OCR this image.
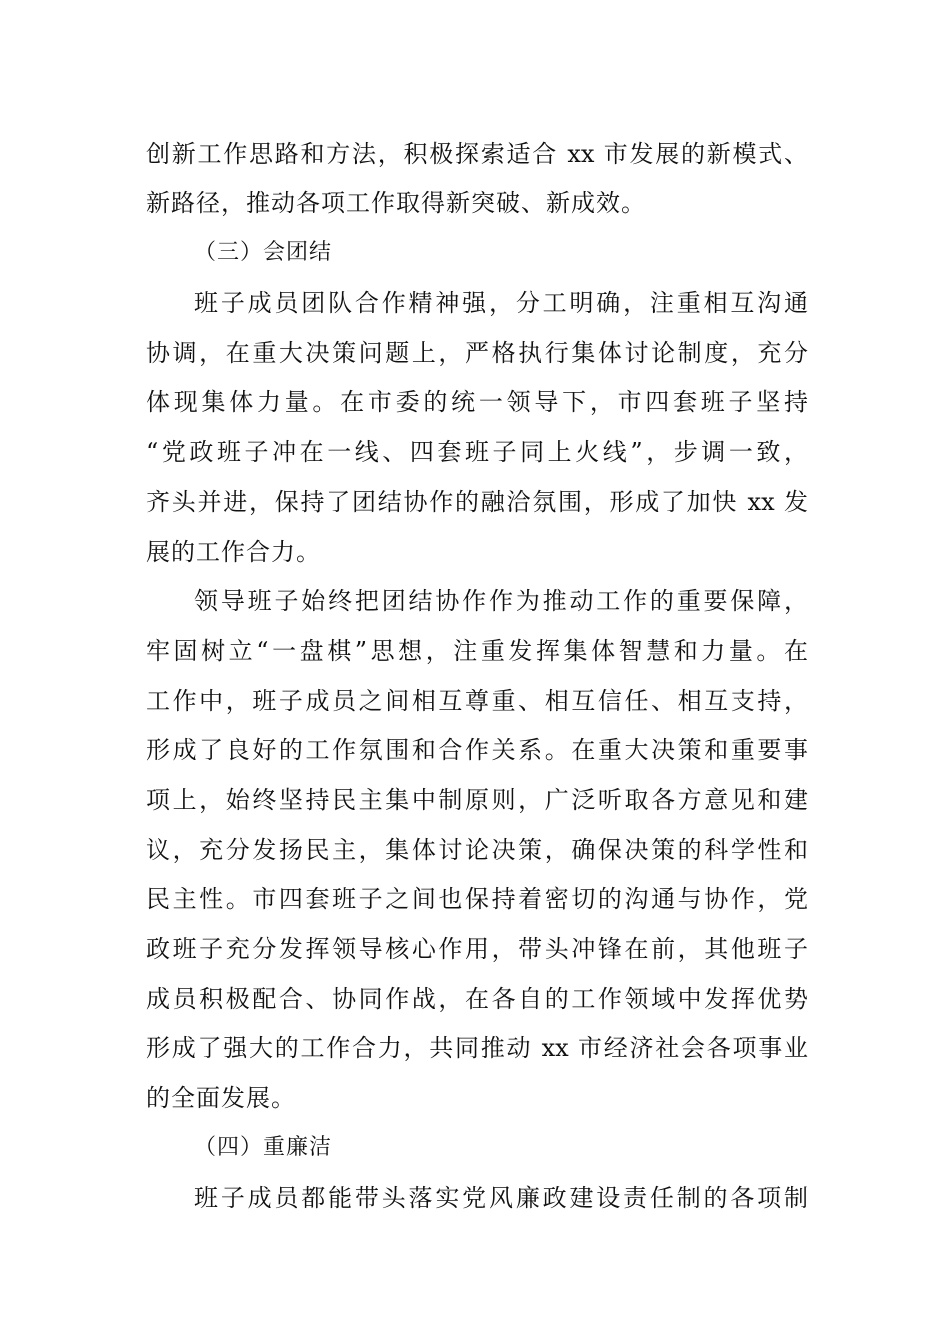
创新工作思路和方法，积极探索适合 xx 市发展的新模式、
新路径，推动各项工作取得新突破、新成效。
（三）会团结
班子成员团队合作精神强，分工明确，注重相互沟通
协调，在重大决策问题上，严格执行集体讨论制度，充分
体现集体力量。在市委的统一领导下，市四套班子坚持
“党政班子冲在一线、四套班子同上火线”，步调一致，
齐头并进，保持了团结协作的融洽氛围，形成了加快 xx 发
展的工作合力。
领导班子始终把团结协作作为推动工作的重要保障，
牢固树立“一盘棋”思想，注重发挥集体智慧和力量。在
工作中，班子成员之间相互尊重、相互信任、相互支持，
形成了良好的工作氛围和合作关系。在重大决策和重要事
项上，始终坚持民主集中制原则，广泛听取各方意见和建
议，充分发扬民主，集体讨论决策，确保决策的科学性和
民主性。市四套班子之间也保持着密切的沟通与协作，党
政班子充分发挥领导核心作用，带头冲锋在前，其他班子
成员积极配合、协同作战，在各自的工作领域中发挥优势
形成了强大的工作合力，共同推动 xx 市经济社会各项事业
的全面发展。
（四）重廉洁
班子成员都能带头落实党风廉政建设责任制的各项制
